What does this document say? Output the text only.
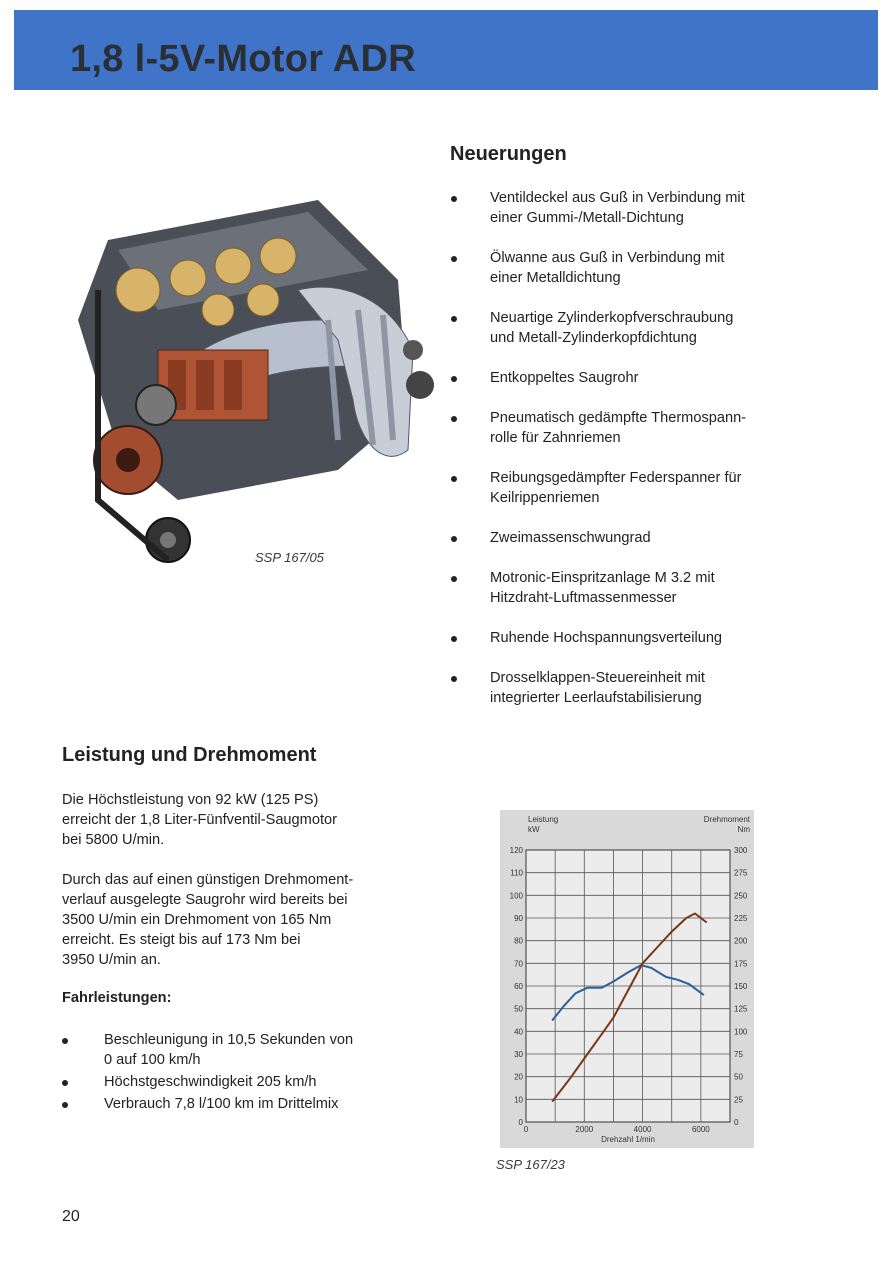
1,8 l-5V-Motor ADR
SSP 167/05
Neuerungen
Ventildeckel aus Guß in Verbindung mit
einer Gummi-/Metall-Dichtung
Ölwanne aus Guß in Verbindung mit
einer Metalldichtung
Neuartige Zylinderkopfverschraubung
und Metall-Zylinderkopfdichtung
Entkoppeltes Saugrohr
Pneumatisch gedämpfte Thermospann-
rolle für Zahnriemen
Reibungsgedämpfter Federspanner für
Keilrippenriemen
Zweimassenschwungrad
Motronic-Einspritzanlage M 3.2 mit
Hitzdraht-Luftmassenmesser
Ruhende Hochspannungsverteilung
Drosselklappen-Steuereinheit mit
integrierter Leerlaufstabilisierung
Leistung und Drehmoment
Die Höchstleistung von 92 kW (125 PS)
erreicht der 1,8 Liter-Fünfventil-Saugmotor
bei 5800 U/min.
Durch das auf einen günstigen Drehmoment-
verlauf ausgelegte Saugrohr wird bereits bei
3500 U/min ein Drehmoment von 165 Nm
erreicht. Es steigt bis auf 173 Nm bei
3950 U/min an.
Fahrleistungen:
Beschleunigung in 10,5 Sekunden von
0 auf 100 km/h
Höchstgeschwindigkeit 205 km/h
Verbrauch 7,8 l/100 km im Drittelmix
0	0
10	25
20	50
30	75
40	100
50	125
60	150
70	175
80	200
90	225
100	250
110	275
120	300
0	2000	4000	6000
Leistung
kW
Drehmoment
Nm
Drehzahl 1/min
SSP 167/23
20
